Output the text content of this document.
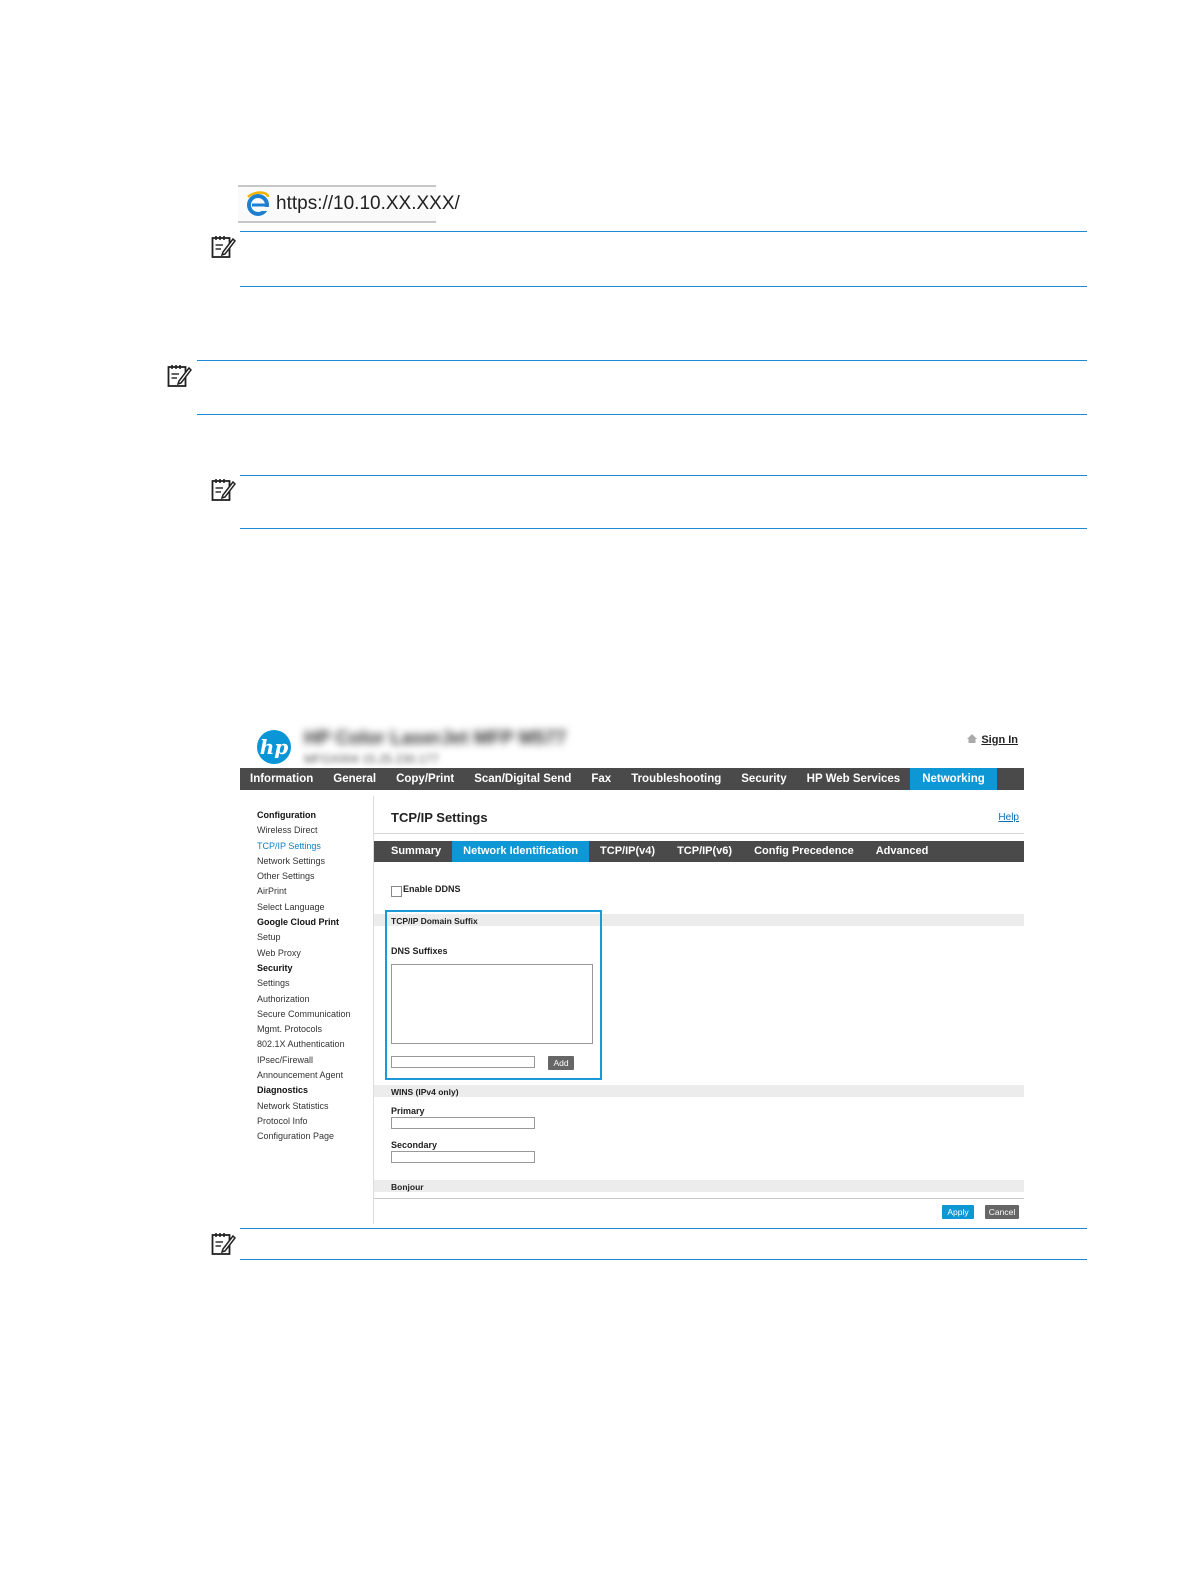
https://10.10.XX.XXX/
hp HP Color LaserJet MFP M577
MFGX004 15.25.230.177
Sign In
Information	General	Copy/Print	Scan/Digital Send	Fax	Troubleshooting	Security	HP Web Services	Networking
Configuration
Wireless Direct
TCP/IP Settings
Network Settings
Other Settings
AirPrint
Select Language
Google Cloud Print
Setup
Web Proxy
Security
Settings
Authorization
Secure Communication
Mgmt. Protocols
802.1X Authentication
IPsec/Firewall
Announcement Agent
Diagnostics
Network Statistics
Protocol Info
Configuration Page
TCP/IP Settings	Help
Summary	Network Identification	TCP/IP(v4)	TCP/IP(v6)	Config Precedence	Advanced
Enable DDNS
TCP/IP Domain Suffix
DNS Suffixes
Add
WINS (IPv4 only)
Primary
Secondary
Bonjour
Apply	Cancel
